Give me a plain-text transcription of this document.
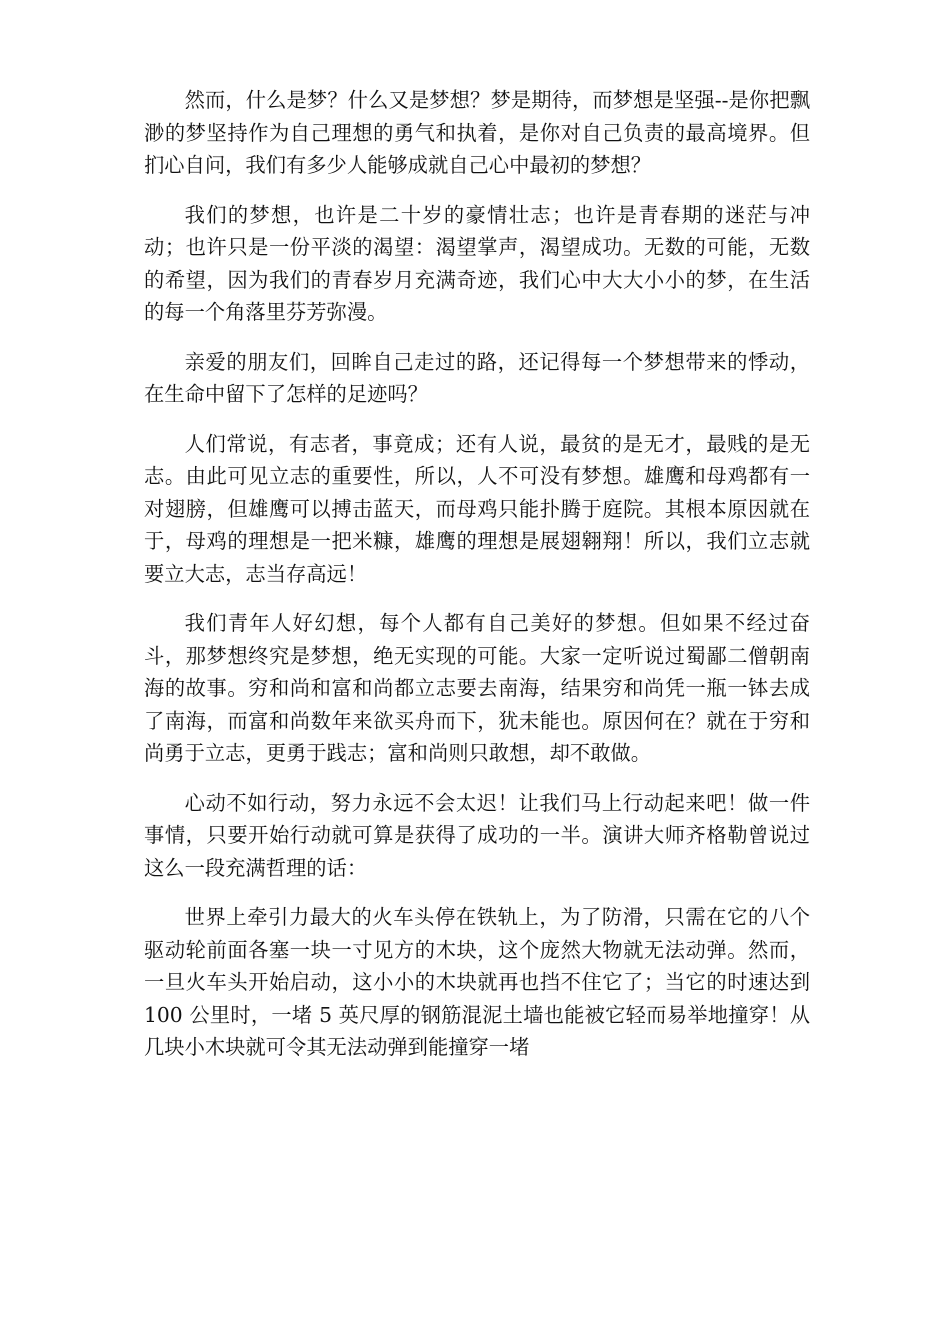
然而，什么是梦？什么又是梦想？梦是期待，而梦想是坚强--是你把飘渺的梦坚持作为自己理想的勇气和执着，是你对自己负责的最高境界。但扪心自问，我们有多少人能够成就自己心中最初的梦想？

我们的梦想，也许是二十岁的豪情壮志；也许是青春期的迷茫与冲动；也许只是一份平淡的渴望：渴望掌声，渴望成功。无数的可能，无数的希望，因为我们的青春岁月充满奇迹，我们心中大大小小的梦，在生活的每一个角落里芬芳弥漫。

亲爱的朋友们，回眸自己走过的路，还记得每一个梦想带来的悸动，在生命中留下了怎样的足迹吗？

人们常说，有志者，事竟成；还有人说，最贫的是无才，最贱的是无志。由此可见立志的重要性，所以，人不可没有梦想。雄鹰和母鸡都有一对翅膀，但雄鹰可以搏击蓝天，而母鸡只能扑腾于庭院。其根本原因就在于，母鸡的理想是一把米糠，雄鹰的理想是展翅翱翔！所以，我们立志就要立大志，志当存高远！

我们青年人好幻想，每个人都有自己美好的梦想。但如果不经过奋斗，那梦想终究是梦想，绝无实现的可能。大家一定听说过蜀鄙二僧朝南海的故事。穷和尚和富和尚都立志要去南海，结果穷和尚凭一瓶一钵去成了南海，而富和尚数年来欲买舟而下，犹未能也。原因何在？就在于穷和尚勇于立志，更勇于践志；富和尚则只敢想，却不敢做。

心动不如行动，努力永远不会太迟！让我们马上行动起来吧！做一件事情，只要开始行动就可算是获得了成功的一半。演讲大师齐格勒曾说过这么一段充满哲理的话：

世界上牵引力最大的火车头停在铁轨上，为了防滑，只需在它的八个驱动轮前面各塞一块一寸见方的木块，这个庞然大物就无法动弹。然而，一旦火车头开始启动，这小小的木块就再也挡不住它了；当它的时速达到 100 公里时，一堵 5 英尺厚的钢筋混泥土墙也能被它轻而易举地撞穿！从几块小木块就可令其无法动弹到能撞穿一堵
